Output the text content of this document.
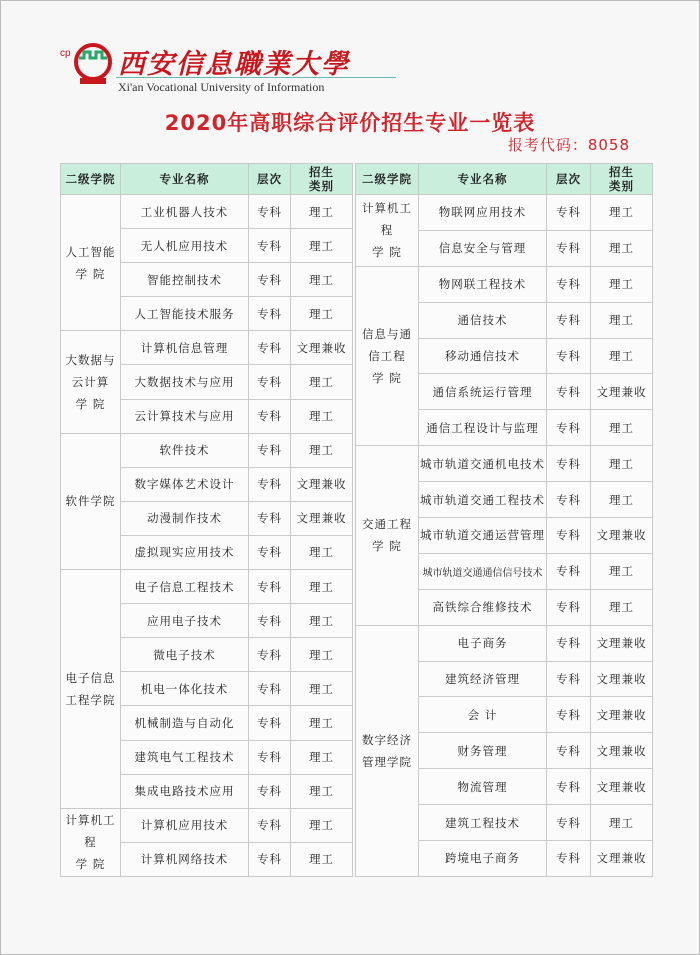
cp 西安信息職業大學
Xi'an Vocational University of Information
2020年高职综合评价招生专业一览表
报考代码：8058
二级学院	专业名称	层次	招生
类别
人工智能
学 院	工业机器人技术	专科	理工
	无人机应用技术	专科	理工
	智能控制技术	专科	理工
	人工智能技术服务	专科	理工
大数据与
云计算
学 院	计算机信息管理	专科	文理兼收
	大数据技术与应用	专科	理工
	云计算技术与应用	专科	理工
软件学院	软件技术	专科	理工
	数字媒体艺术设计	专科	文理兼收
	动漫制作技术	专科	文理兼收
	虚拟现实应用技术	专科	理工
电子信息
工程学院	电子信息工程技术	专科	理工
	应用电子技术	专科	理工
	微电子技术	专科	理工
	机电一体化技术	专科	理工
	机械制造与自动化	专科	理工
	建筑电气工程技术	专科	理工
	集成电路技术应用	专科	理工
计算机工程
学 院	计算机应用技术	专科	理工
	计算机网络技术	专科	理工
二级学院	专业名称	层次	招生
类别
计算机工程
学 院	物联网应用技术	专科	理工
	信息安全与管理	专科	理工
信息与通
信工程
学 院	物网联工程技术	专科	理工
	通信技术	专科	理工
	移动通信技术	专科	理工
	通信系统运行管理	专科	文理兼收
	通信工程设计与监理	专科	理工
交通工程
学 院	城市轨道交通机电技术	专科	理工
	城市轨道交通工程技术	专科	理工
	城市轨道交通运营管理	专科	文理兼收
	城市轨道交通通信信号技术	专科	理工
	高铁综合维修技术	专科	理工
数字经济
管理学院	电子商务	专科	文理兼收
	建筑经济管理	专科	文理兼收
	会 计	专科	文理兼收
	财务管理	专科	文理兼收
	物流管理	专科	文理兼收
	建筑工程技术	专科	理工
	跨境电子商务	专科	文理兼收
